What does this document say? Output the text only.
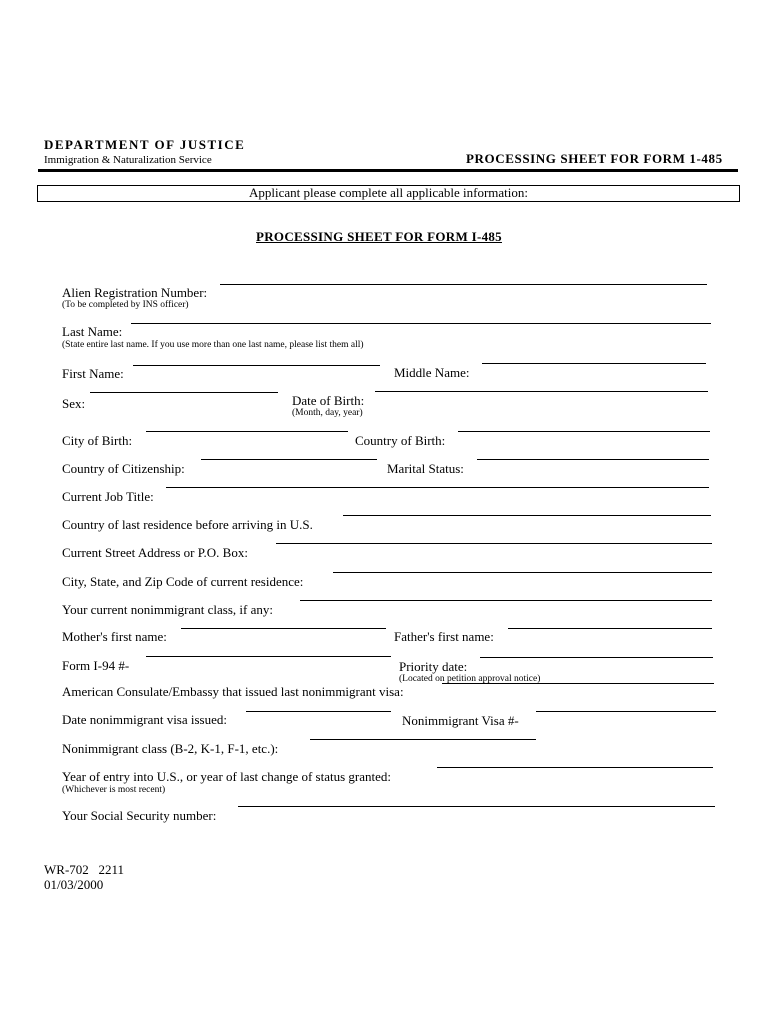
DEPARTMENT OF JUSTICE
Immigration & Naturalization Service	PROCESSING SHEET FOR FORM 1-485
Applicant please complete all applicable information:
PROCESSING SHEET FOR FORM I-485
Alien Registration Number:
(To be completed by INS officer)
Last Name:
(State entire last name. If you use more than one last name, please list them all)
First Name:	Middle Name:
Sex:	Date of Birth:
(Month, day, year)
City of Birth:	Country of Birth:
Country of Citizenship:	Marital Status:
Current Job Title:
Country of last residence before arriving in U.S.
Current Street Address or P.O. Box:
City, State, and Zip Code of current residence:
Your current nonimmigrant class, if any:
Mother's first name:	Father's first name:
Form I-94 #-	Priority date:
(Located on petition approval notice)
American Consulate/Embassy that issued last nonimmigrant visa:
Date nonimmigrant visa issued:	Nonimmigrant Visa #-
Nonimmigrant class (B-2, K-1, F-1, etc.):
Year of entry into U.S., or year of last change of status granted:
(Whichever is most recent)
Your Social Security number:
WR-702   2211
01/03/2000
